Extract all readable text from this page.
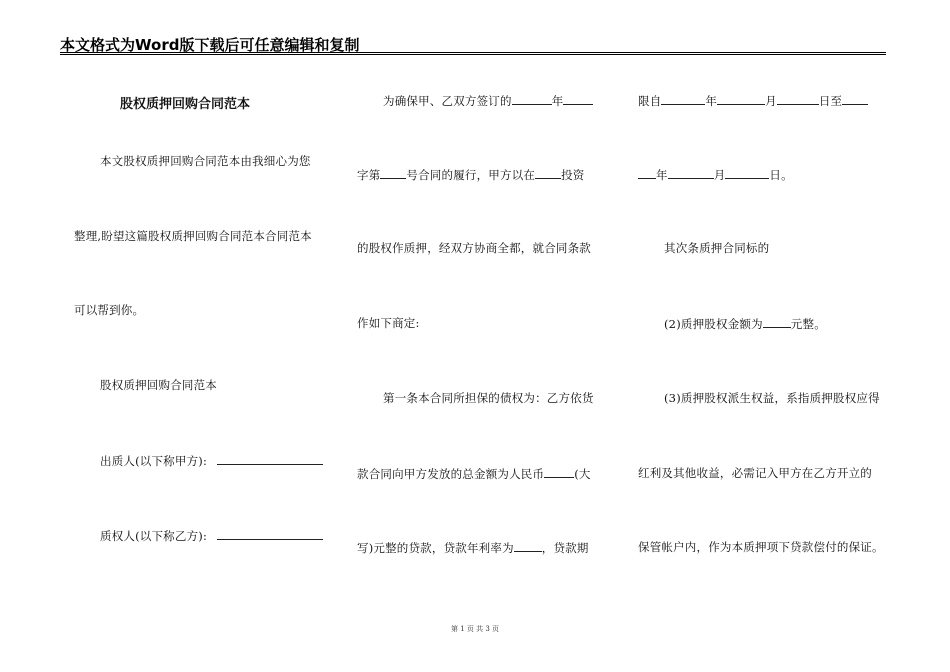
本文格式为Word版下载后可任意编辑和复制
股权质押回购合同范本
本文股权质押回购合同范本由我细心为您
整理,盼望这篇股权质押回购合同范本合同范本
可以帮到你。
股权质押回购合同范本
出质人(以下称甲方):
质权人(以下称乙方):
为确保甲、乙双方签订的	年
字第 号合同的履行，甲方以在 投资
的股权作质押，经双方协商全都，就合同条款
作如下商定:
第一条本合同所担保的债权为：乙方依货
款合同向甲方发放的总金额为人民币	(大
写)元整的贷款，贷款年利率为 ，贷款期
限自	年	月	日至
年	月	日。
其次条质押合同标的
(2)质押股权金额为 元整。
(3)质押股权派生权益，系指质押股权应得
红利及其他收益，必需记入甲方在乙方开立的
保管帐户内，作为本质押项下贷款偿付的保证。
第 1 页 共 3 页
